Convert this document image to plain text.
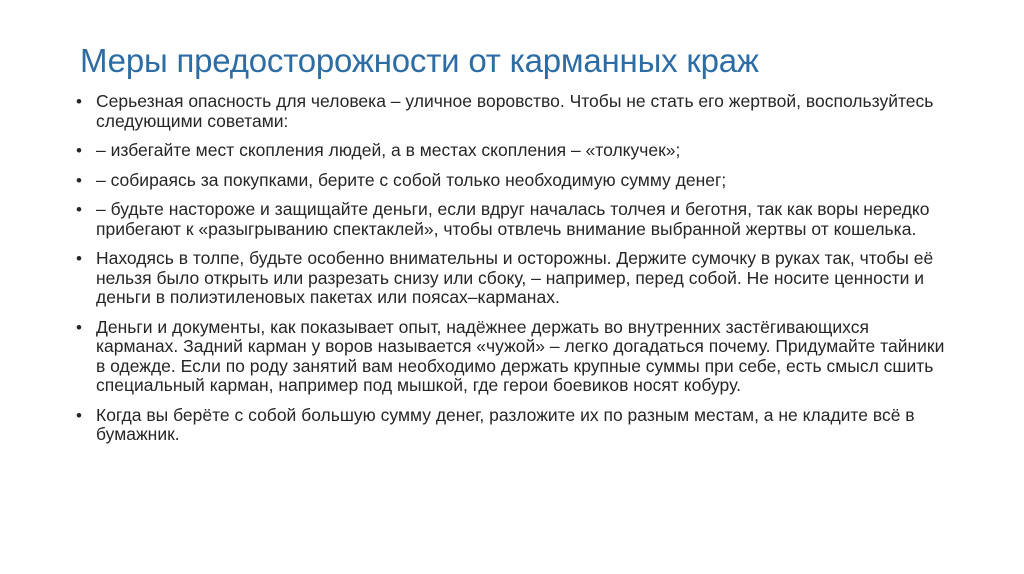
Меры предосторожности от карманных краж
• Серьезная опасность для человека – уличное воровство. Чтобы не стать его жертвой, воспользуйтесь следующими советами:
• – избегайте мест скопления людей, а в местах скопления – «толкучек»;
• – собираясь за покупками, берите с собой только необходимую сумму денег;
• – будьте настороже и защищайте деньги, если вдруг началась толчея и беготня, так как воры нередко прибегают к «разыгрыванию спектаклей», чтобы отвлечь внимание выбранной жертвы от кошелька.
• Находясь в толпе, будьте особенно внимательны и осторожны. Держите сумочку в руках так, чтобы её нельзя было открыть или разрезать снизу или сбоку, – например, перед собой. Не носите ценности и деньги в полиэтиленовых пакетах или поясах–карманах.
• Деньги и документы, как показывает опыт, надёжнее держать во внутренних застёгивающихся карманах. Задний карман у воров называется «чужой» – легко догадаться почему. Придумайте тайники в одежде. Если по роду занятий вам необходимо держать крупные суммы при себе, есть смысл сшить специальный карман, например под мышкой, где герои боевиков носят кобуру.
• Когда вы берёте с собой большую сумму денег, разложите их по разным местам, а не кладите всё в бумажник.
